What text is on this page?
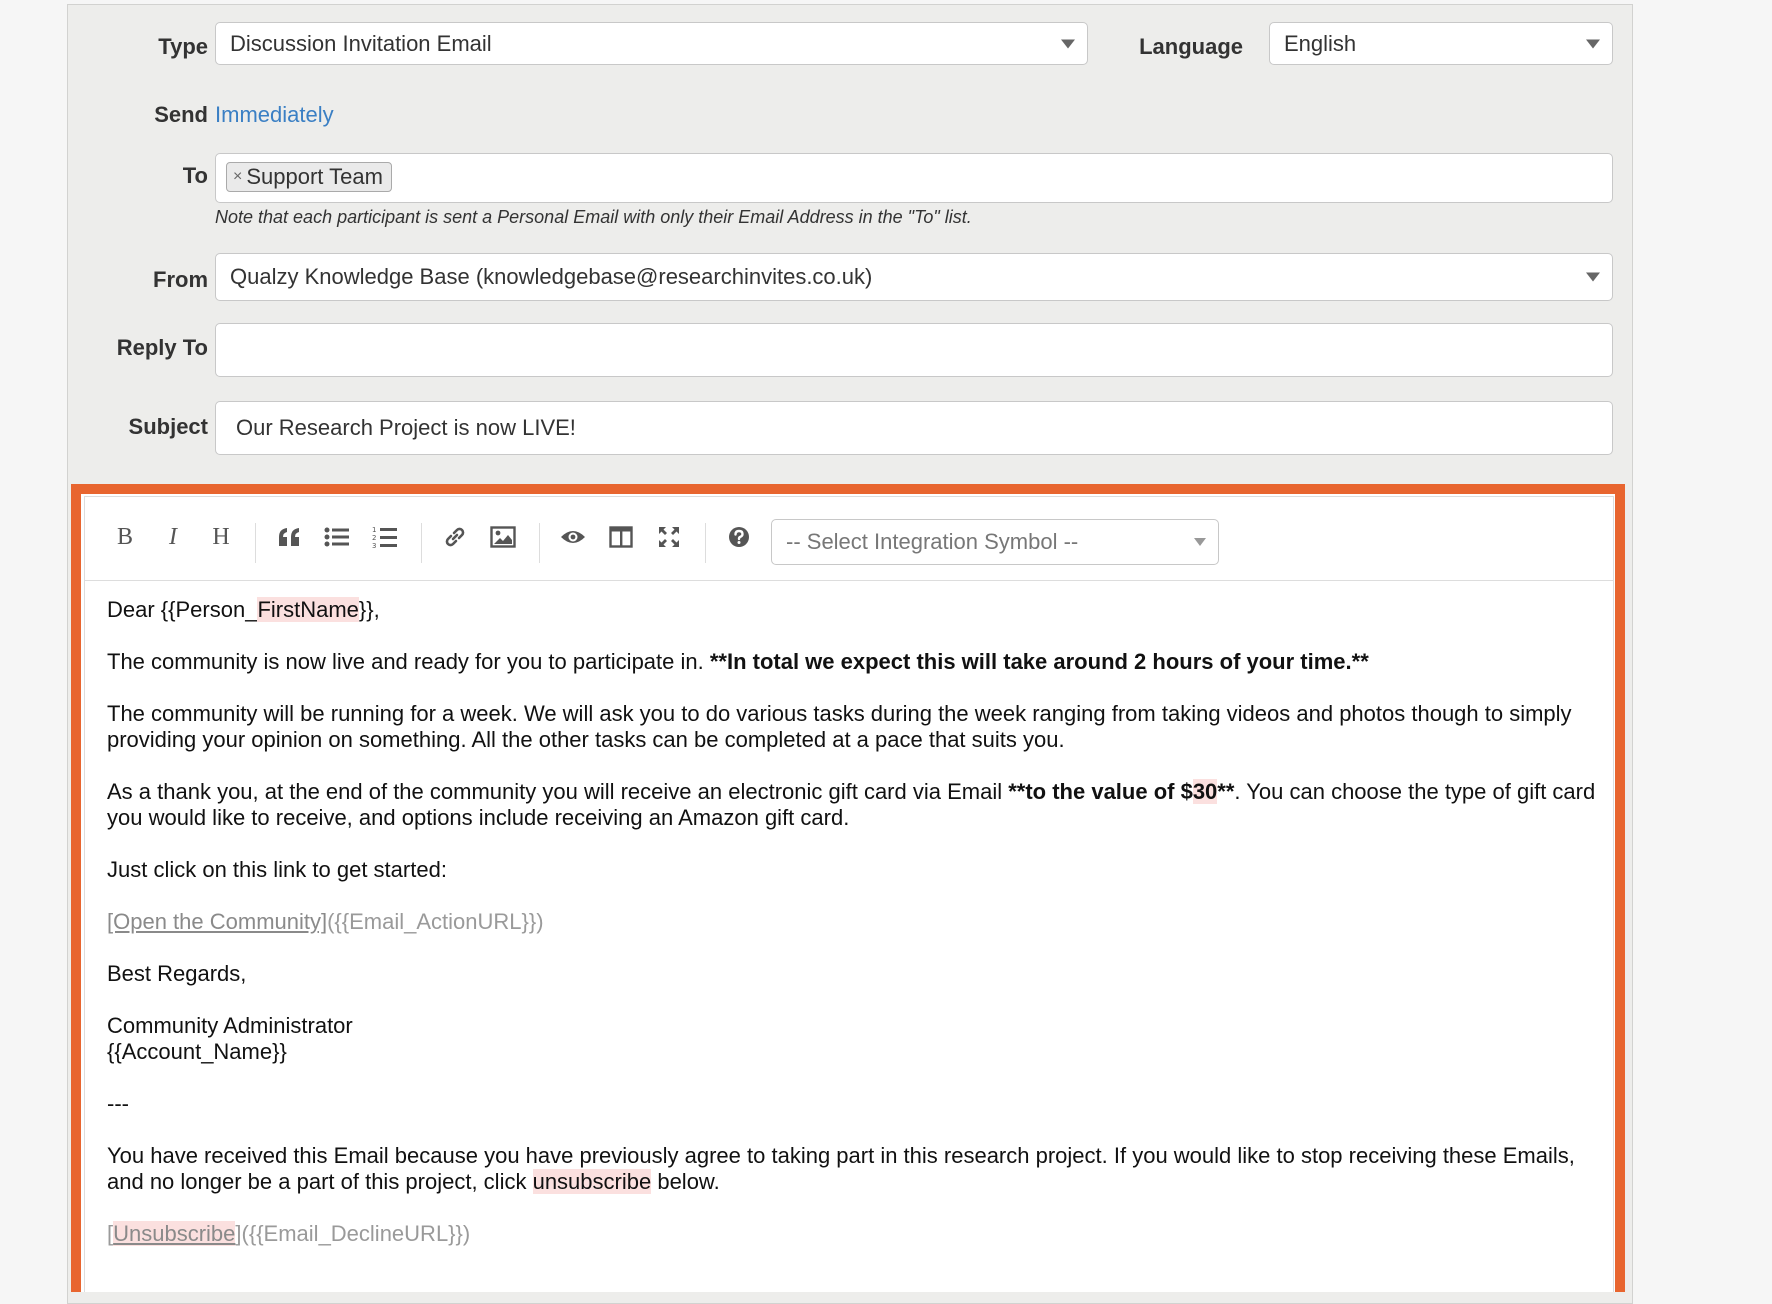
Type Discussion Invitation Email	Language English
Send Immediately
To × Support Team
Note that each participant is sent a Personal Email with only their Email Address in the "To" list.
From Qualzy Knowledge Base (knowledgebase@researchinvites.co.uk)
Reply To
Subject Our Research Project is now LIVE!
B I H	1
2
3	-- Select Integration Symbol --

Dear {{Person_FirstName}},

The community is now live and ready for you to participate in. **In total we expect this will take around 2 hours of your time.**

The community will be running for a week. We will ask you to do various tasks during the week ranging from taking videos and photos though to simply providing your opinion on something. All the other tasks can be completed at a pace that suits you.

As a thank you, at the end of the community you will receive an electronic gift card via Email **to the value of $30**. You can choose the type of gift card you would like to receive, and options include receiving an Amazon gift card.

Just click on this link to get started:

[Open the Community]({{Email_ActionURL}})

Best Regards,

Community Administrator
{{Account_Name}}

---

You have received this Email because you have previously agree to taking part in this research project. If you would like to stop receiving these Emails, and no longer be a part of this project, click unsubscribe below.

[Unsubscribe]({{Email_DeclineURL}})
